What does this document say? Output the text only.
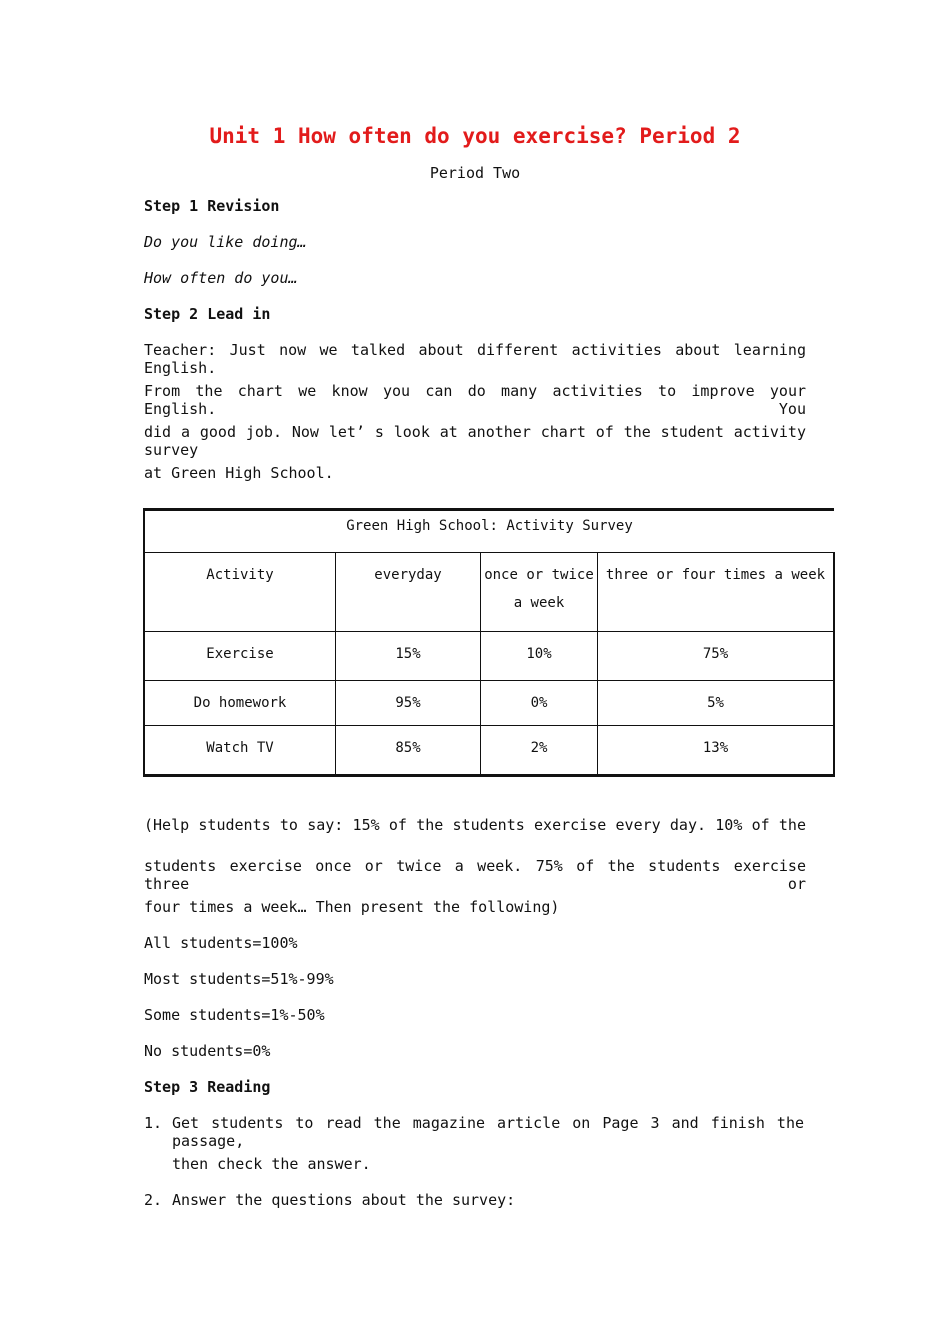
Unit 1 How often do you exercise? Period 2
Period Two
Step 1 Revision
Do you like doing…
How often do you…
Step 2 Lead in
Teacher: Just now we talked about different activities about learning English.
From the chart we know you can do many activities to improve your English. You
did a good job. Now let’ s look at another chart of the student activity survey
at Green High School.
Green High School: Activity Survey			
Activity	everyday	once or twice a week	three or four times a week
Exercise	15%	10%	75%
Do homework	95%	0%	5%
Watch TV	85%	2%	13%
(Help students to say: 15% of the students exercise every day. 10% of the
students exercise once or twice a week. 75% of the students exercise three or
four times a week… Then present the following)
All students=100%
Most students=51%-99%
Some students=1%-50%
No students=0%
Step 3 Reading
1. Get students to read the magazine article on Page 3 and finish the passage,
then check the answer.
2. Answer the questions about the survey:
